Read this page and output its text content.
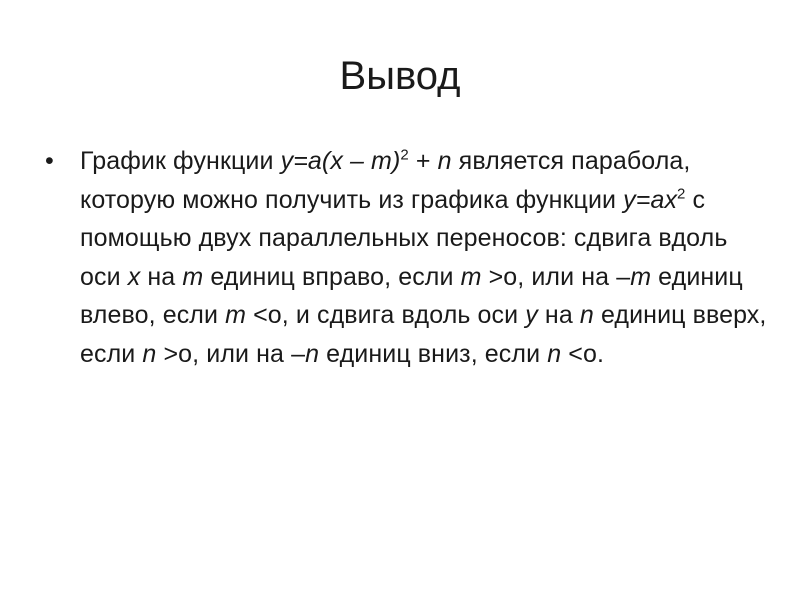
Вывод
• График функции y=a(x – m)$^2$ + n является парабола, которую можно получить из графика функции $y=ax^2$ с помощью двух параллельных переносов: сдвига вдоль оси x на m единиц вправо, если m >o, или на –m единиц влево, если m <o, и сдвига вдоль оси y на n единиц вверх, если n >o, или на –n единиц вниз, если n <o.
